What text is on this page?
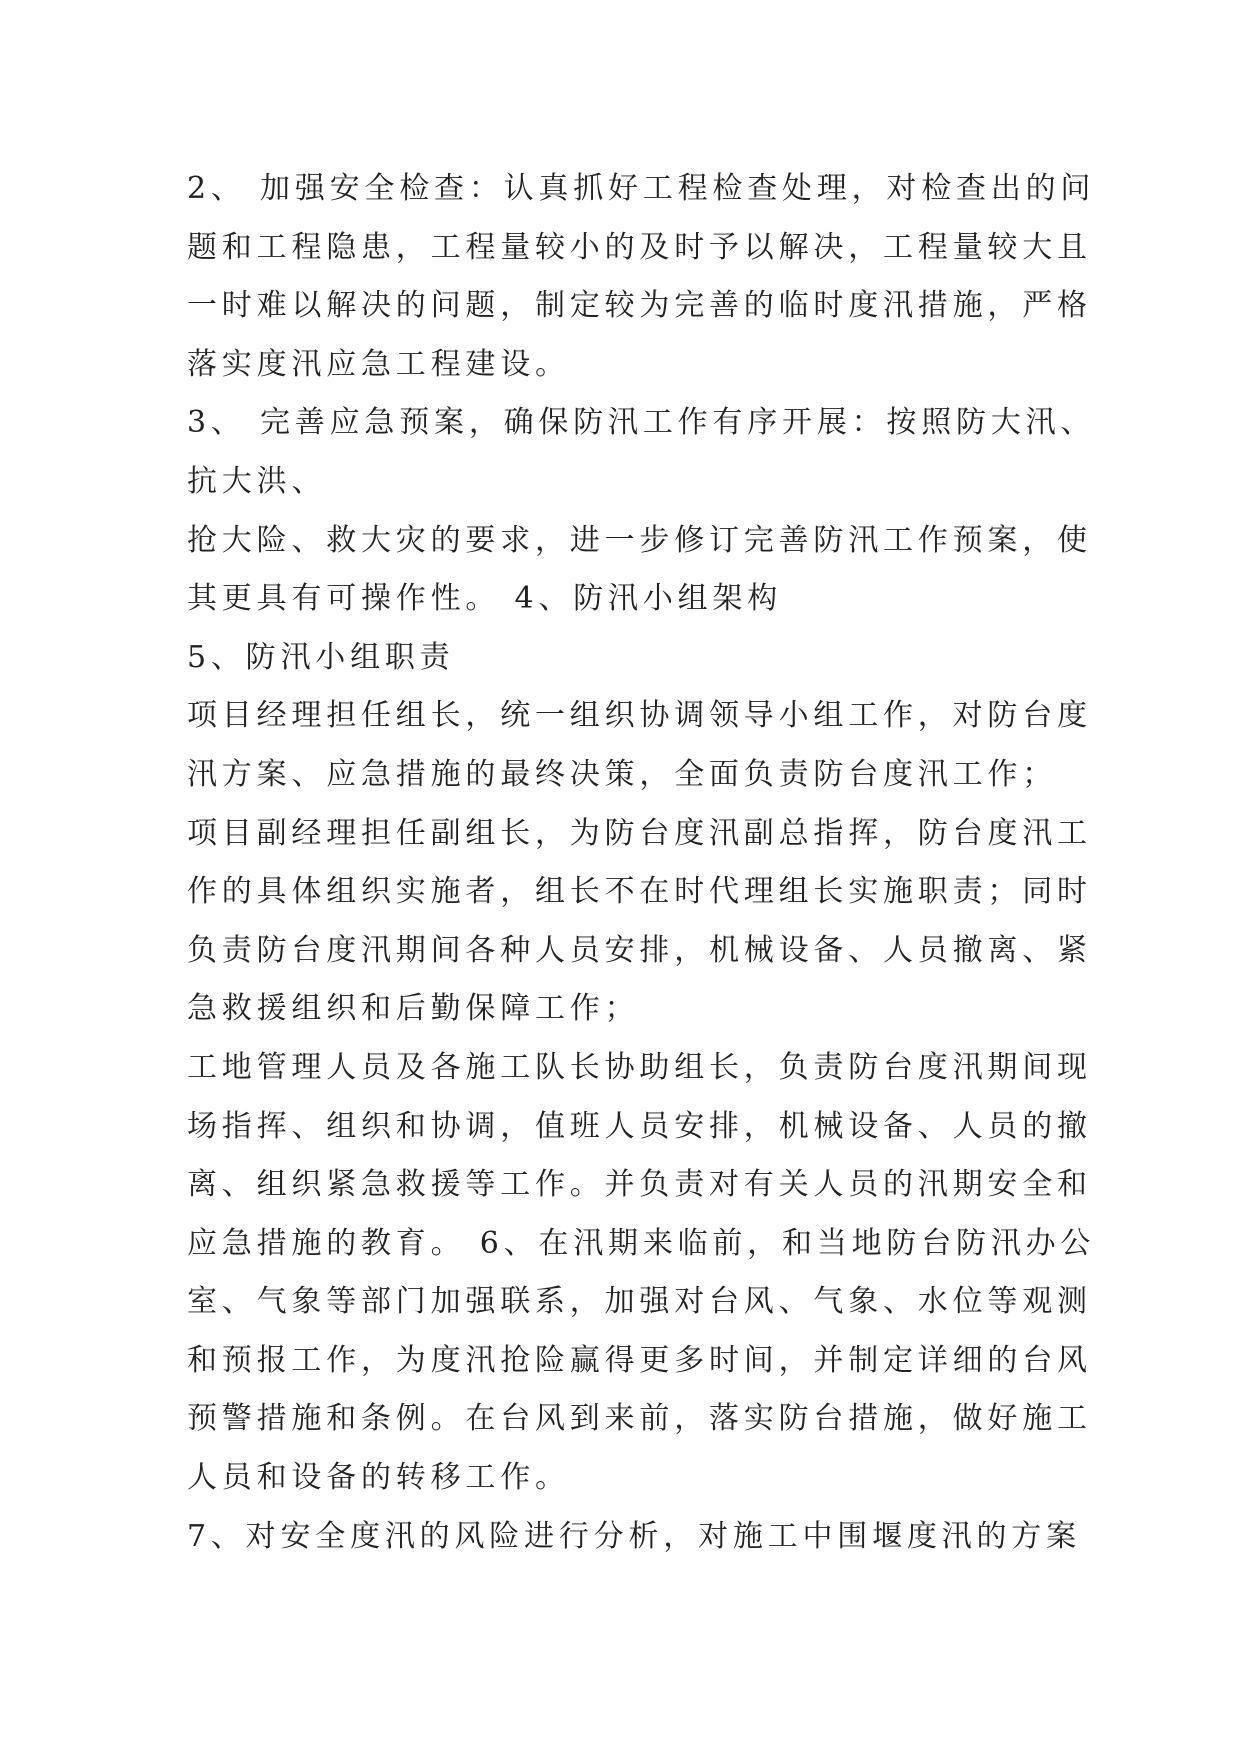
2、 加强安全检查：认真抓好工程检查处理，对检查出的问
题和工程隐患，工程量较小的及时予以解决，工程量较大且
一时难以解决的问题，制定较为完善的临时度汛措施，严格
落实度汛应急工程建设。
3、 完善应急预案，确保防汛工作有序开展：按照防大汛、
抗大洪、
抢大险、救大灾的要求，进一步修订完善防汛工作预案，使
其更具有可操作性。 4、防汛小组架构
5、防汛小组职责
项目经理担任组长，统一组织协调领导小组工作，对防台度
汛方案、应急措施的最终决策，全面负责防台度汛工作；
项目副经理担任副组长，为防台度汛副总指挥，防台度汛工
作的具体组织实施者，组长不在时代理组长实施职责；同时
负责防台度汛期间各种人员安排，机械设备、人员撤离、紧
急救援组织和后勤保障工作；
工地管理人员及各施工队长协助组长，负责防台度汛期间现
场指挥、组织和协调，值班人员安排，机械设备、人员的撤
离、组织紧急救援等工作。并负责对有关人员的汛期安全和
应急措施的教育。 6、在汛期来临前，和当地防台防汛办公
室、气象等部门加强联系，加强对台风、气象、水位等观测
和预报工作，为度汛抢险赢得更多时间，并制定详细的台风
预警措施和条例。在台风到来前，落实防台措施，做好施工
人员和设备的转移工作。
7、对安全度汛的风险进行分析，对施工中围堰度汛的方案
